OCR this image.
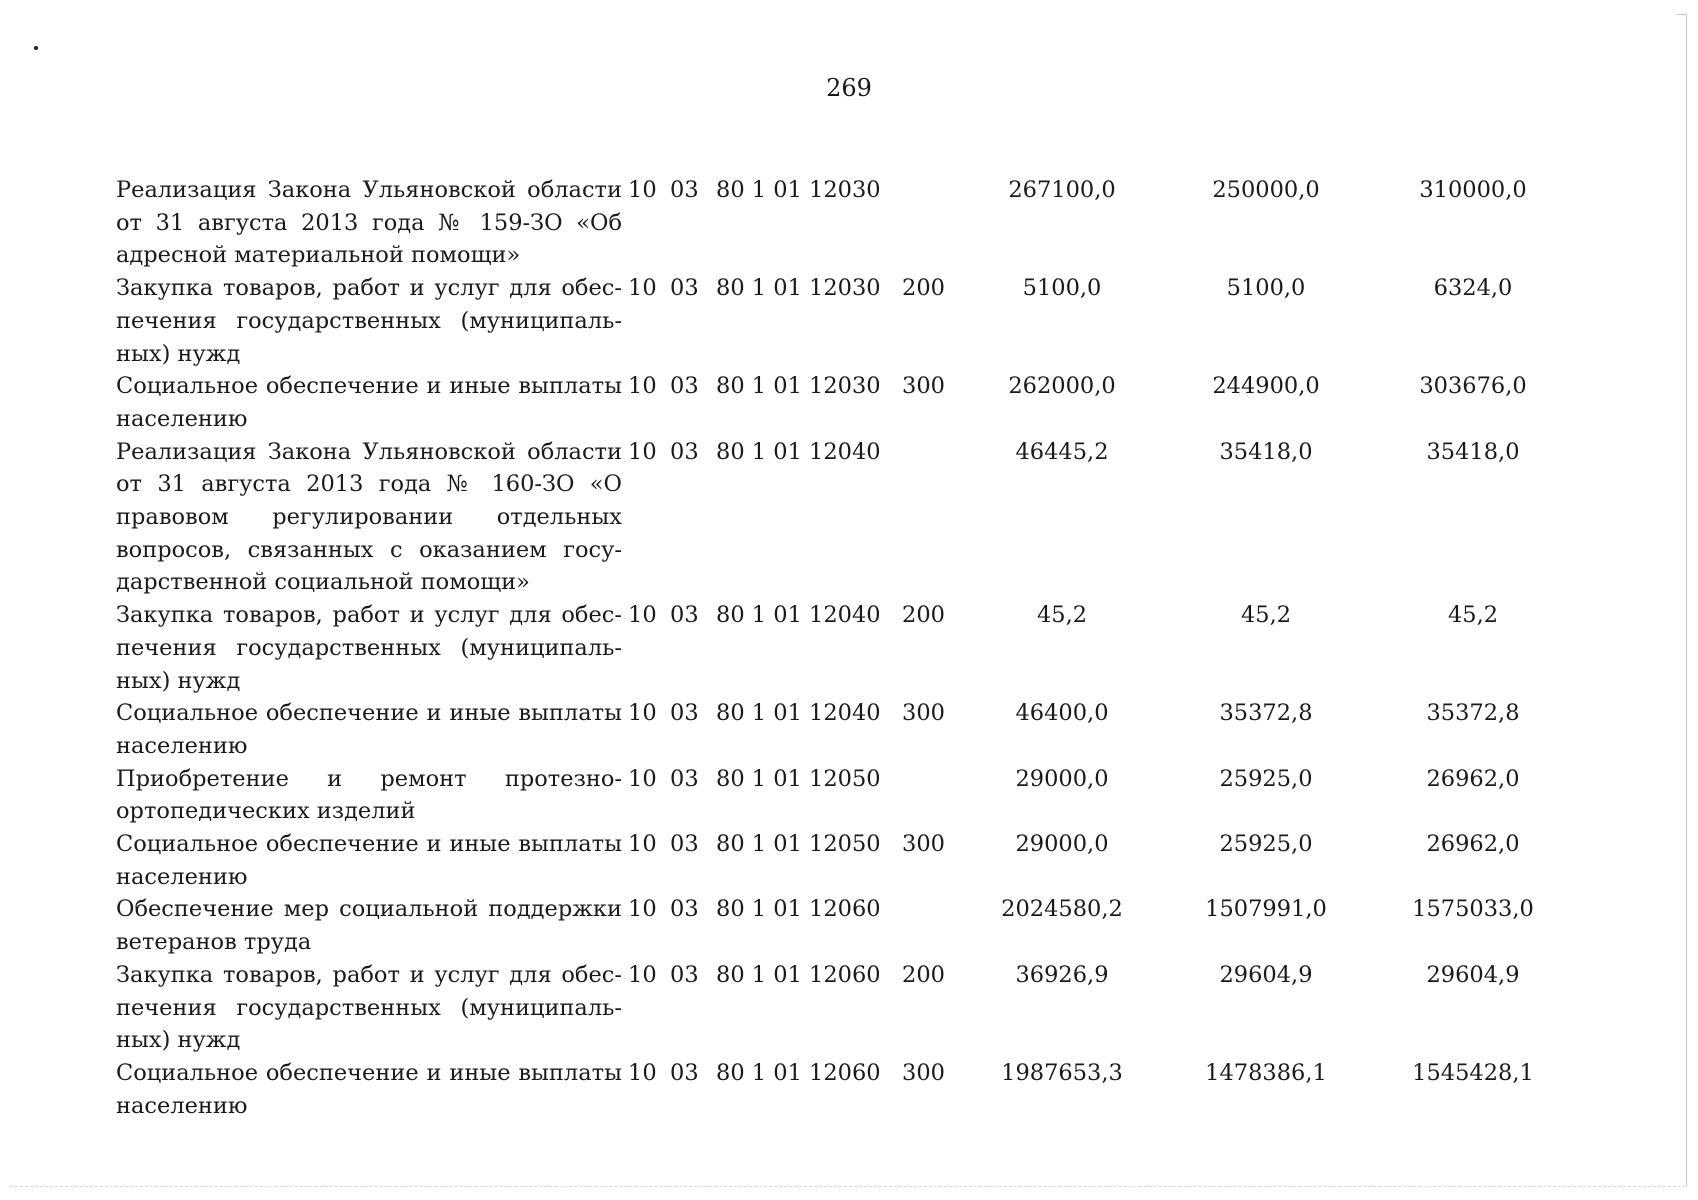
269
Реализация Закона Ульяновской области от 31 августа 2013 года № 159-ЗО «Об адресной материальной помощи»	10	03	80 1 01 12030		267100,0	250000,0	310000,0
Закупка товаров, работ и услуг для обеспечения государственных (муниципальных) нужд	10	03	80 1 01 12030	200	5100,0	5100,0	6324,0
Социальное обеспечение и иные выплаты населению	10	03	80 1 01 12030	300	262000,0	244900,0	303676,0
Реализация Закона Ульяновской области от 31 августа 2013 года № 160-ЗО «О правовом регулировании отдельных вопросов, связанных с оказанием государственной социальной помощи»	10	03	80 1 01 12040		46445,2	35418,0	35418,0
Закупка товаров, работ и услуг для обеспечения государственных (муниципальных) нужд	10	03	80 1 01 12040	200	45,2	45,2	45,2
Социальное обеспечение и иные выплаты населению	10	03	80 1 01 12040	300	46400,0	35372,8	35372,8
Приобретение и ремонт протезно-ортопедических изделий	10	03	80 1 01 12050		29000,0	25925,0	26962,0
Социальное обеспечение и иные выплаты населению	10	03	80 1 01 12050	300	29000,0	25925,0	26962,0
Обеспечение мер социальной поддержки ветеранов труда	10	03	80 1 01 12060		2024580,2	1507991,0	1575033,0
Закупка товаров, работ и услуг для обеспечения государственных (муниципальных) нужд	10	03	80 1 01 12060	200	36926,9	29604,9	29604,9
Социальное обеспечение и иные выплаты населению	10	03	80 1 01 12060	300	1987653,3	1478386,1	1545428,1
